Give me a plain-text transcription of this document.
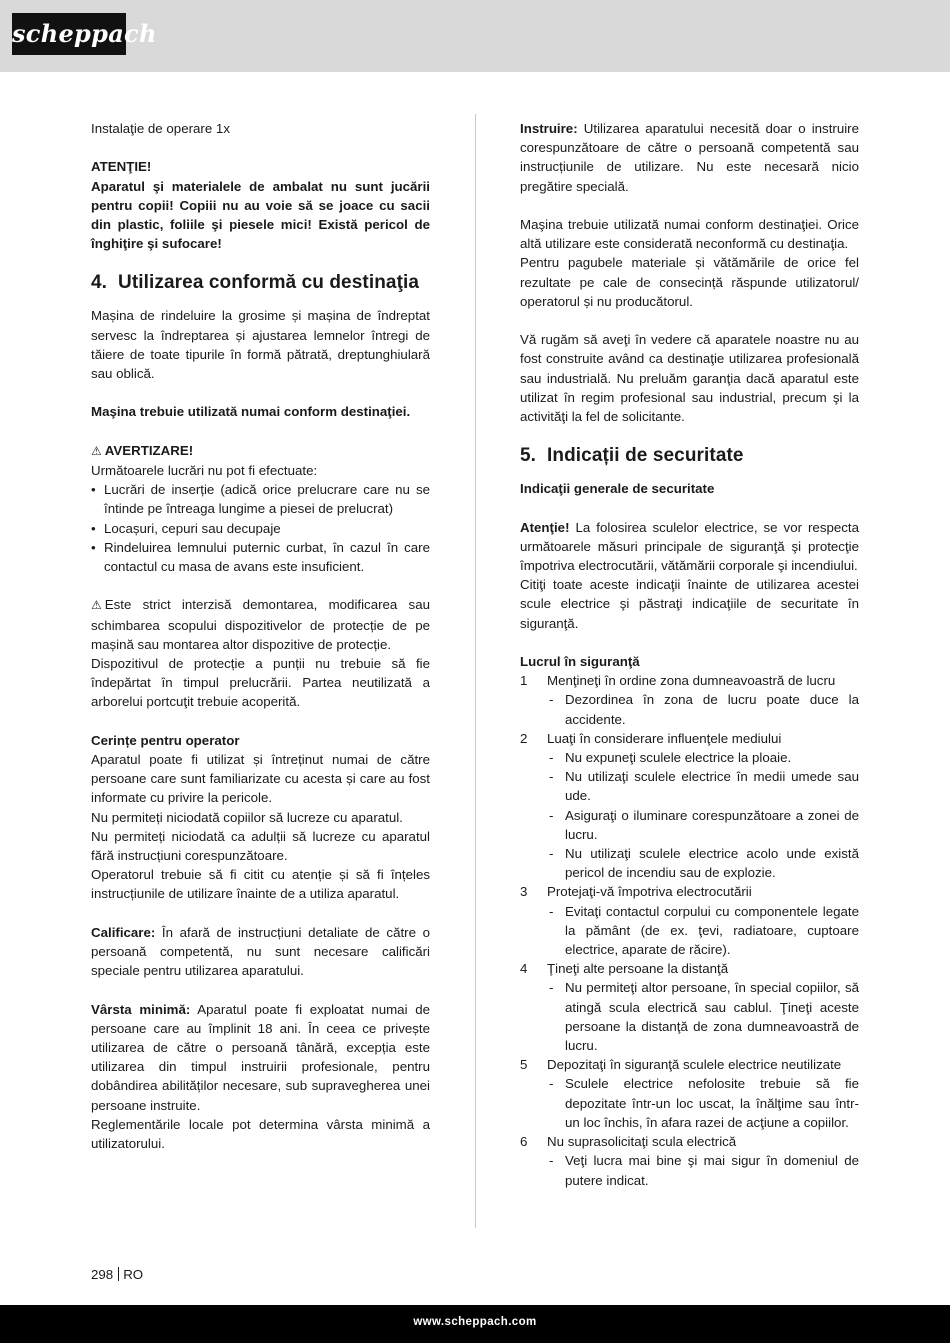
scheppach

Instalaţie de operare 1x

ATENŢIE!

Aparatul şi materialele de ambalat nu sunt jucării pentru copii! Copiii nu au voie să se joace cu sacii din plastic, foliile şi piesele mici! Există pericol de înghiţire şi sufocare!

4. Utilizarea conformă cu destinaţia

Mașina de rindeluire la grosime și mașina de îndreptat servesc la îndreptarea și ajustarea lemnelor întregi de tăiere de toate tipurile în formă pătrată, dreptunghiulară sau oblică.

Maşina trebuie utilizată numai conform destinaţiei.

⚠ AVERTIZARE!

Următoarele lucrări nu pot fi efectuate:

• Lucrări de inserție (adică orice prelucrare care nu se întinde pe întreaga lungime a piesei de prelucrat)
• Locașuri, cepuri sau decupaje
• Rindeluirea lemnului puternic curbat, în cazul în care contactul cu masa de avans este insuficient.

⚠ Este strict interzisă demontarea, modificarea sau schimbarea scopului dispozitivelor de protecție de pe mașină sau montarea altor dispozitive de protecție.

Dispozitivul de protecție a punții nu trebuie să fie îndepărtat în timpul prelucrării. Partea neutilizată a arborelui portcuţit trebuie acoperită.

Cerințe pentru operator

Aparatul poate fi utilizat și întreținut numai de către persoane care sunt familiarizate cu acesta și care au fost informate cu privire la pericole.

Nu permiteți niciodată copiilor să lucreze cu aparatul.

Nu permiteți niciodată ca adulții să lucreze cu aparatul fără instrucțiuni corespunzătoare.

Operatorul trebuie să fi citit cu atenție și să fi înțeles instrucțiunile de utilizare înainte de a utiliza aparatul.

Calificare: În afară de instrucțiuni detaliate de către o persoană competentă, nu sunt necesare calificări speciale pentru utilizarea aparatului.

Vârsta minimă: Aparatul poate fi exploatat numai de persoane care au împlinit 18 ani. În ceea ce privește utilizarea de către o persoană tânără, excepția este utilizarea din timpul instruirii profesionale, pentru dobândirea abilităților necesare, sub supravegherea unei persoane instruite.

Reglementările locale pot determina vârsta minimă a utilizatorului.

Instruire: Utilizarea aparatului necesită doar o instruire corespunzătoare de către o persoană competentă sau instrucțiunile de utilizare. Nu este necesară nicio pregătire specială.

Maşina trebuie utilizată numai conform destinaţiei. Orice altă utilizare este considerată neconformă cu destinaţia.

Pentru pagubele materiale și vătămările de orice fel rezultate pe cale de consecință răspunde utilizatorul/ operatorul și nu producătorul.

Vă rugăm să aveţi în vedere că aparatele noastre nu au fost construite având ca destinaţie utilizarea profesională sau industrială. Nu preluăm garanţia dacă aparatul este utilizat în regim profesional sau industrial, precum şi la activităţi la fel de solicitante.

5. Indicații de securitate

Indicaţii generale de securitate

Atenţie! La folosirea sculelor electrice, se vor respecta următoarele măsuri principale de siguranţă şi protecţie împotriva electrocutării, vătămării corporale şi incendiului.

Citiţi toate aceste indicaţii înainte de utilizarea acestei scule electrice şi păstraţi indicaţiile de securitate în siguranţă.

Lucrul în siguranţă

1 Menţineţi în ordine zona dumneavoastră de lucru
- Dezordinea în zona de lucru poate duce la accidente.
2 Luaţi în considerare influenţele mediului
- Nu expuneţi sculele electrice la ploaie.
- Nu utilizaţi sculele electrice în medii umede sau ude.
- Asiguraţi o iluminare corespunzătoare a zonei de lucru.
- Nu utilizaţi sculele electrice acolo unde există pericol de incendiu sau de explozie.
3 Protejaţi-vă împotriva electrocutării
- Evitaţi contactul corpului cu componentele legate la pământ (de ex. ţevi, radiatoare, cuptoare electrice, aparate de răcire).
4 Ţineţi alte persoane la distanţă
- Nu permiteţi altor persoane, în special copiilor, să atingă scula electrică sau cablul. Ţineţi aceste persoane la distanţă de zona dumneavoastră de lucru.
5 Depozitaţi în siguranţă sculele electrice neutilizate
- Sculele electrice nefolosite trebuie să fie depozitate într-un loc uscat, la înălţime sau într-un loc închis, în afara razei de acţiune a copiilor.
6 Nu suprasolicitaţi scula electrică
- Veţi lucra mai bine şi mai sigur în domeniul de putere indicat.
298 RO
www.scheppach.com
